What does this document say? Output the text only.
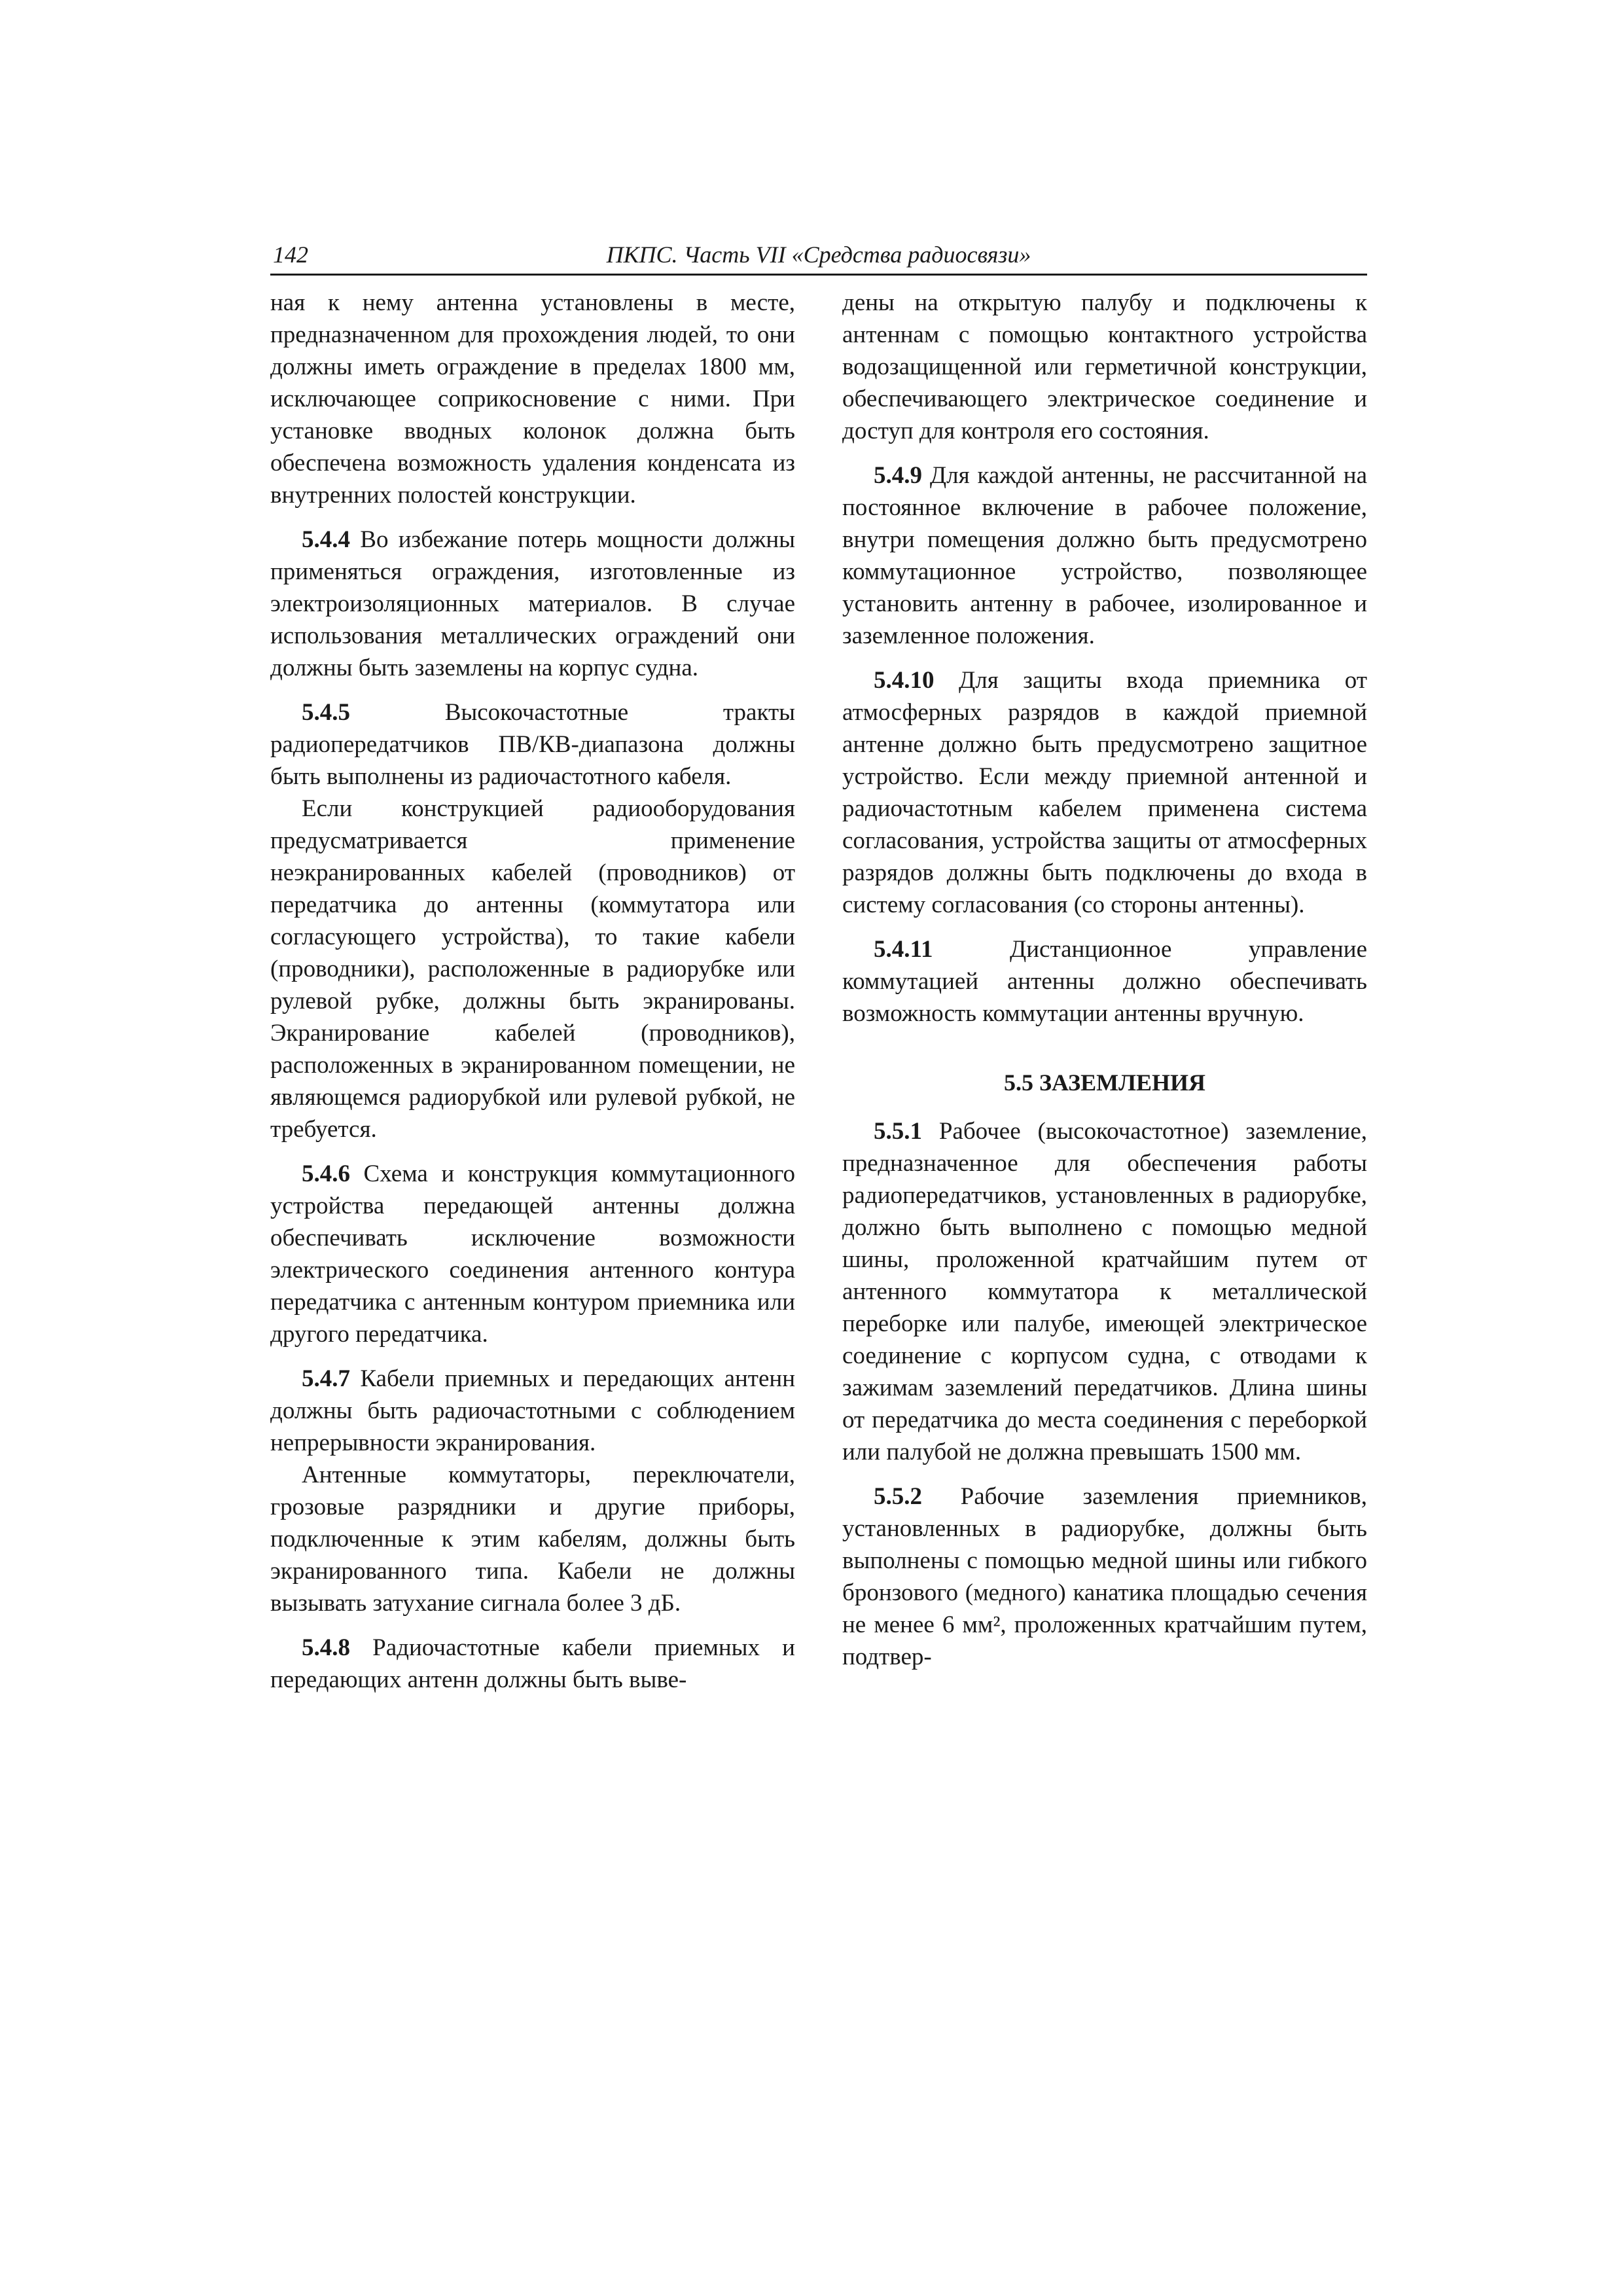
142	ПКПС. Часть VII «Средства радиосвязи»

ная к нему антенна установлены в месте, предназначенном для прохождения людей, то они должны иметь ограждение в пределах 1800 мм, исключающее соприкосновение с ними. При установке вводных колонок должна быть обеспечена возможность удаления конденсата из внутренних полостей конструкции.

5.4.4 Во избежание потерь мощности должны применяться ограждения, изготовленные из электроизоляционных материалов. В случае использования металлических ограждений они должны быть заземлены на корпус судна.

5.4.5 Высокочастотные тракты радиопередатчиков ПВ/КВ-диапазона должны быть выполнены из радиочастотного кабеля.

Если конструкцией радиооборудования предусматривается применение неэкранированных кабелей (проводников) от передатчика до антенны (коммутатора или согласующего устройства), то такие кабели (проводники), расположенные в радиорубке или рулевой рубке, должны быть экранированы. Экранирование кабелей (проводников), расположенных в экранированном помещении, не являющемся радиорубкой или рулевой рубкой, не требуется.

5.4.6 Схема и конструкция коммутационного устройства передающей антенны должна обеспечивать исключение возможности электрического соединения антенного контура передатчика с антенным контуром приемника или другого передатчика.

5.4.7 Кабели приемных и передающих антенн должны быть радиочастотными с соблюдением непрерывности экранирования.

Антенные коммутаторы, переключатели, грозовые разрядники и другие приборы, подключенные к этим кабелям, должны быть экранированного типа. Кабели не должны вызывать затухание сигнала более 3 дБ.

5.4.8 Радиочастотные кабели приемных и передающих антенн должны быть выве-

дены на открытую палубу и подключены к антеннам с помощью контактного устройства водозащищенной или герметичной конструкции, обеспечивающего электрическое соединение и доступ для контроля его состояния.

5.4.9 Для каждой антенны, не рассчитанной на постоянное включение в рабочее положение, внутри помещения должно быть предусмотрено коммутационное устройство, позволяющее установить антенну в рабочее, изолированное и заземленное положения.

5.4.10 Для защиты входа приемника от атмосферных разрядов в каждой приемной антенне должно быть предусмотрено защитное устройство. Если между приемной антенной и радиочастотным кабелем применена система согласования, устройства защиты от атмосферных разрядов должны быть подключены до входа в систему согласования (со стороны антенны).

5.4.11 Дистанционное управление коммутацией антенны должно обеспечивать возможность коммутации антенны вручную.

5.5 ЗАЗЕМЛЕНИЯ

5.5.1 Рабочее (высокочастотное) заземление, предназначенное для обеспечения работы радиопередатчиков, установленных в радиорубке, должно быть выполнено с помощью медной шины, проложенной кратчайшим путем от антенного коммутатора к металлической переборке или палубе, имеющей электрическое соединение с корпусом судна, с отводами к зажимам заземлений передатчиков. Длина шины от передатчика до места соединения с переборкой или палубой не должна превышать 1500 мм.

5.5.2 Рабочие заземления приемников, установленных в радиорубке, должны быть выполнены с помощью медной шины или гибкого бронзового (медного) канатика площадью сечения не менее 6 мм², проложенных кратчайшим путем, подтвер-
